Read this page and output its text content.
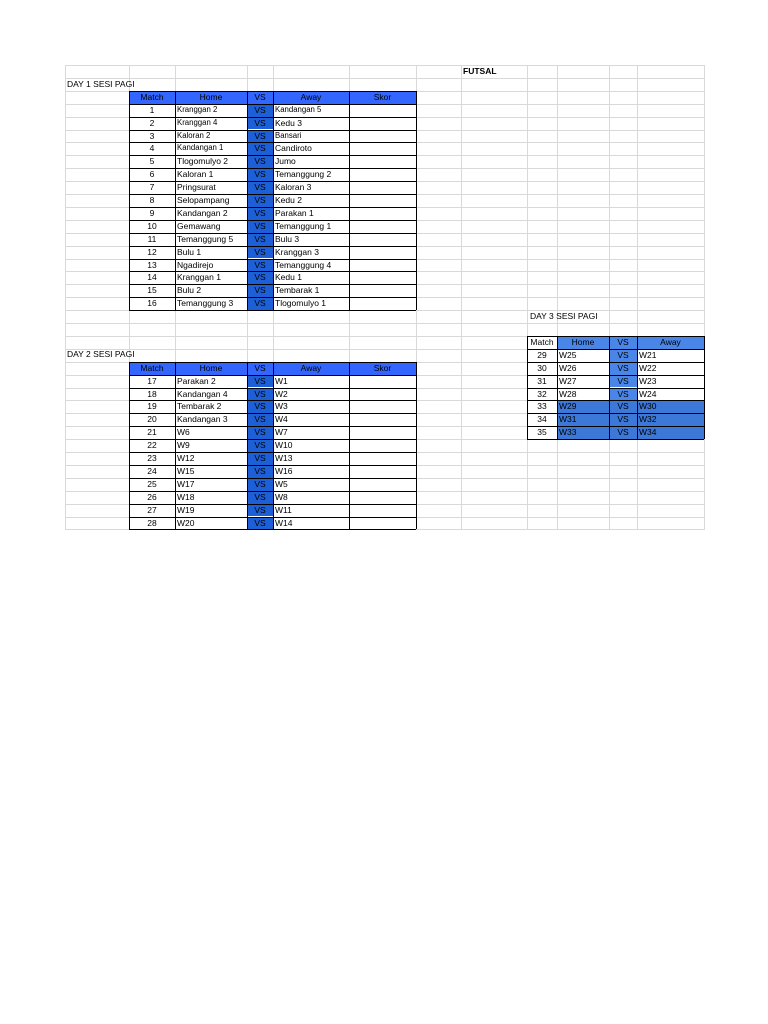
FUTSAL
DAY 1 SESI PAGI
DAY 2 SESI PAGI
DAY 3 SESI PAGI
Match	Home	VS	Away	Skor
1	Kranggan 2	VS	Kandangan 5
2	Kranggan 4	VS	Kedu 3
3	Kaloran 2	VS	Bansari
4	Kandangan 1	VS	Candiroto
5	Tlogomulyo 2	VS	Jumo
6	Kaloran 1	VS	Temanggung 2
7	Pringsurat	VS	Kaloran 3
8	Selopampang	VS	Kedu 2
9	Kandangan 2	VS	Parakan 1
10	Gemawang	VS	Temanggung 1
11	Temanggung 5	VS	Bulu 3
12	Bulu 1	VS	Kranggan 3
13	Ngadirejo	VS	Temanggung 4
14	Kranggan 1	VS	Kedu 1
15	Bulu 2	VS	Tembarak 1
16	Temanggung 3	VS	Tlogomulyo 1
Match	Home	VS	Away	Skor
17	Parakan 2	VS	W1
18	Kandangan 4	VS	W2
19	Tembarak 2	VS	W3
20	Kandangan 3	VS	W4
21	W6	VS	W7
22	W9	VS	W10
23	W12	VS	W13
24	W15	VS	W16
25	W17	VS	W5
26	W18	VS	W8
27	W19	VS	W11
28	W20	VS	W14
Match	Home	VS	Away
29	W25	VS	W21
30	W26	VS	W22
31	W27	VS	W23
32	W28	VS	W24
33	W29	VS	W30
34	W31	VS	W32
35	W33	VS	W34
